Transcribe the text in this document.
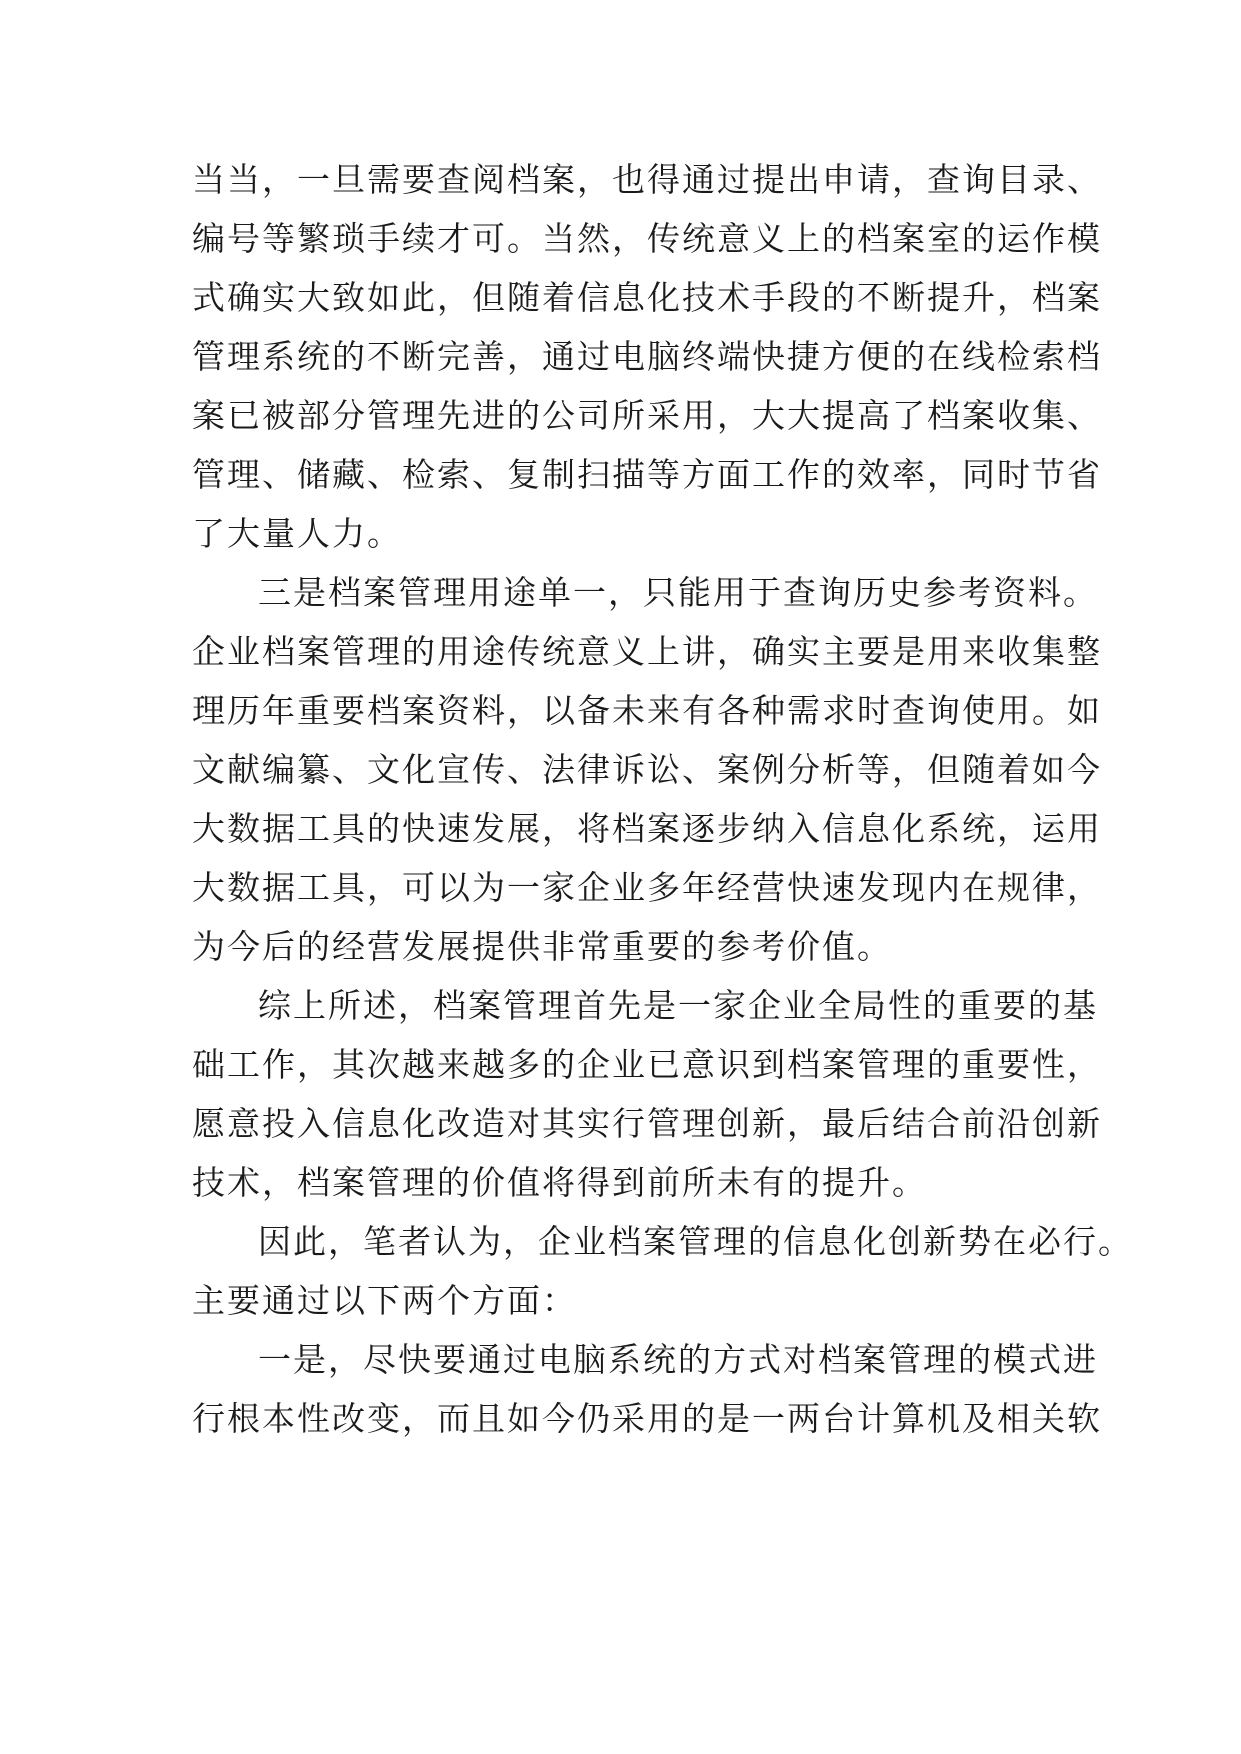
当当，一旦需要查阅档案，也得通过提出申请，查询目录、
编号等繁琐手续才可。当然，传统意义上的档案室的运作模
式确实大致如此，但随着信息化技术手段的不断提升，档案
管理系统的不断完善，通过电脑终端快捷方便的在线检索档
案已被部分管理先进的公司所采用，大大提高了档案收集、
管理、储藏、检索、复制扫描等方面工作的效率，同时节省
了大量人力。
三是档案管理用途单一，只能用于查询历史参考资料。
企业档案管理的用途传统意义上讲，确实主要是用来收集整
理历年重要档案资料，以备未来有各种需求时查询使用。如
文献编纂、文化宣传、法律诉讼、案例分析等，但随着如今
大数据工具的快速发展，将档案逐步纳入信息化系统，运用
大数据工具，可以为一家企业多年经营快速发现内在规律，
为今后的经营发展提供非常重要的参考价值。
综上所述，档案管理首先是一家企业全局性的重要的基
础工作，其次越来越多的企业已意识到档案管理的重要性，
愿意投入信息化改造对其实行管理创新，最后结合前沿创新
技术，档案管理的价值将得到前所未有的提升。
因此，笔者认为，企业档案管理的信息化创新势在必行。
主要通过以下两个方面：
一是，尽快要通过电脑系统的方式对档案管理的模式进
行根本性改变，而且如今仍采用的是一两台计算机及相关软
